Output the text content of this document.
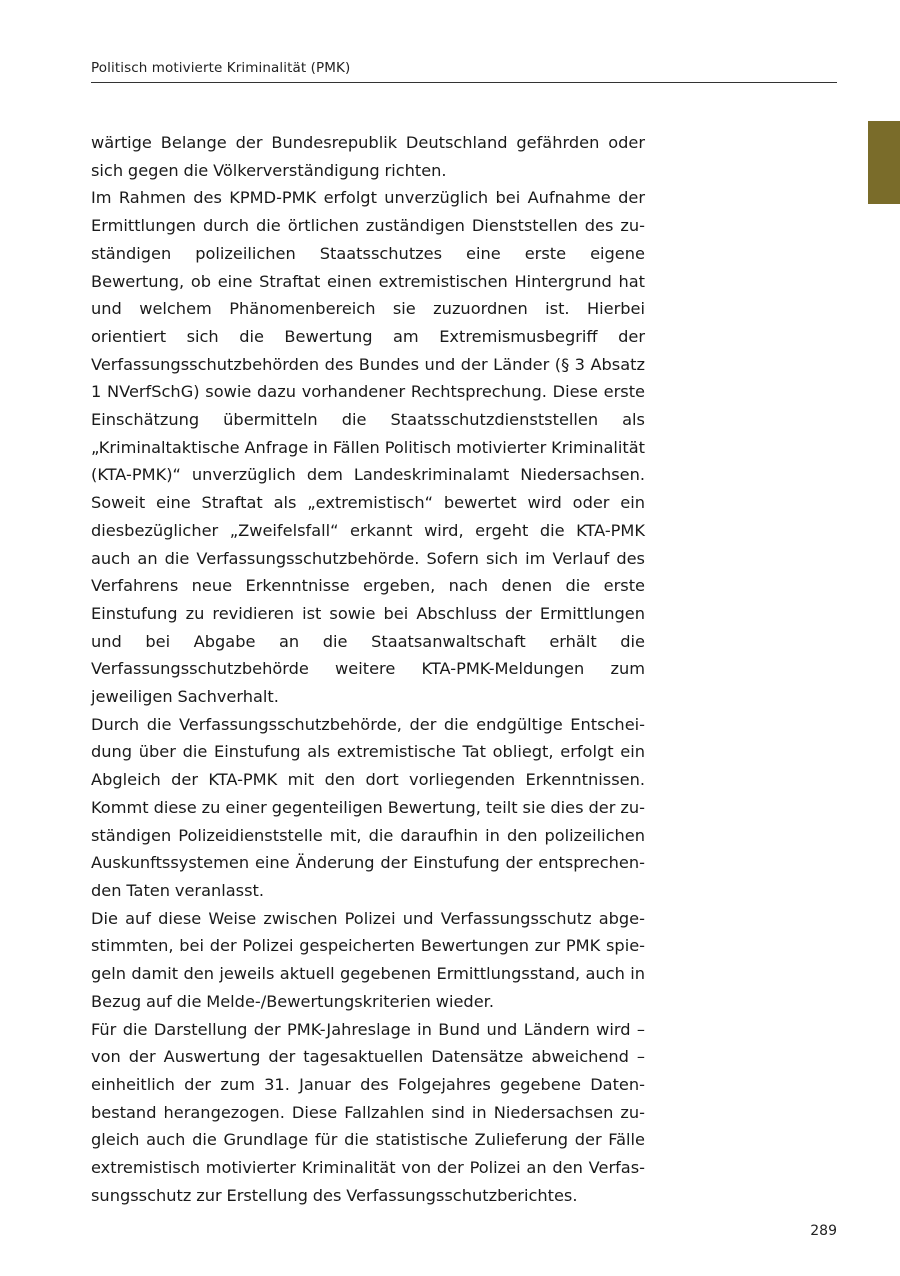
Politisch motivierte Kriminalität (PMK)

wärtige Belange der Bundesrepublik Deutschland gefährden oder sich gegen die Völkerverständigung richten.

Im Rahmen des KPMD-PMK erfolgt unverzüglich bei Aufnahme der Ermittlungen durch die örtlichen zuständigen Dienststellen des zuständigen polizeilichen Staatsschutzes eine erste eigene Bewertung, ob eine Straftat einen extremistischen Hintergrund hat und welchem Phänomenbereich sie zuzuordnen ist. Hierbei orientiert sich die Bewertung am Extremismusbegriff der Verfassungsschutzbehörden des Bundes und der Länder (§ 3 Absatz 1 NVerfSchG) sowie dazu vorhandener Rechtsprechung. Diese erste Einschätzung übermitteln die Staatsschutzdienststellen als „Kriminaltaktische Anfrage in Fällen Politisch motivierter Kriminalität (KTA-PMK)“ unverzüglich dem Landeskriminalamt Niedersachsen. Soweit eine Straftat als „extremistisch“ bewertet wird oder ein diesbezüglicher „Zweifelsfall“ erkannt wird, ergeht die KTA-PMK auch an die Verfassungsschutzbehörde. Sofern sich im Verlauf des Verfahrens neue Erkenntnisse ergeben, nach denen die erste Einstufung zu revidieren ist sowie bei Abschluss der Ermittlungen und bei Abgabe an die Staatsanwaltschaft erhält die Verfassungsschutzbehörde weitere KTA-PMK-Meldungen zum jeweiligen Sachverhalt.

Durch die Verfassungsschutzbehörde, der die endgültige Entscheidung über die Einstufung als extremistische Tat obliegt, erfolgt ein Abgleich der KTA-PMK mit den dort vorliegenden Erkenntnissen. Kommt diese zu einer gegenteiligen Bewertung, teilt sie dies der zuständigen Polizeidienststelle mit, die daraufhin in den polizeilichen Auskunftssystemen eine Änderung der Einstufung der entsprechenden Taten veranlasst.

Die auf diese Weise zwischen Polizei und Verfassungsschutz abgestimmten, bei der Polizei gespeicherten Bewertungen zur PMK spiegeln damit den jeweils aktuell gegebenen Ermittlungsstand, auch in Bezug auf die Melde-/Bewertungskriterien wieder.

Für die Darstellung der PMK-Jahreslage in Bund und Ländern wird – von der Auswertung der tagesaktuellen Datensätze abweichend – einheitlich der zum 31. Januar des Folgejahres gegebene Datenbestand herangezogen. Diese Fallzahlen sind in Niedersachsen zugleich auch die Grundlage für die statistische Zulieferung der Fälle extremistisch motivierter Kriminalität von der Polizei an den Verfassungsschutz zur Erstellung des Verfassungsschutzberichtes.

289
